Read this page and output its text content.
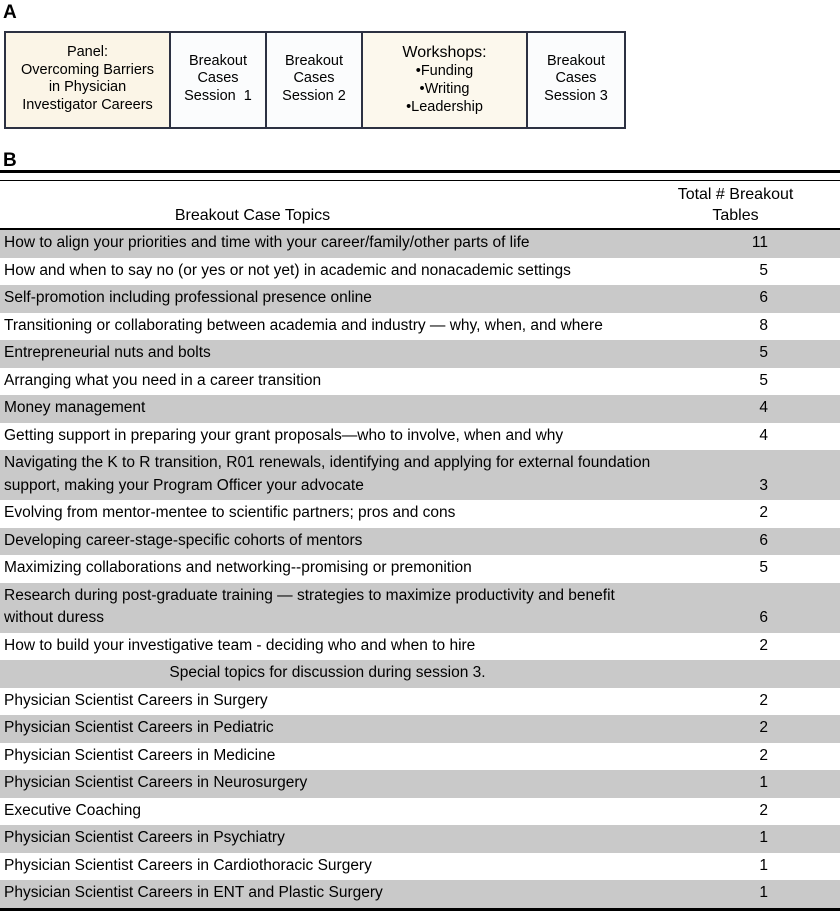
A
Panel:
Overcoming Barriers
in Physician
Investigator Careers
Breakout
Cases
Session  1
Breakout
Cases
Session 2
Workshops:
•Funding
•Writing
•Leadership
Breakout
Cases
Session 3
B

Breakout Case Topics	Total # Breakout
Tables
How to align your priorities and time with your career/family/other parts of life	11
How and when to say no (or yes or not yet) in academic and nonacademic settings	5
Self-promotion including professional presence online	6
Transitioning or collaborating between academia and industry — why, when, and where	8
Entrepreneurial nuts and bolts	5
Arranging what you need in a career transition	5
Money management	4
Getting support in preparing your grant proposals—who to involve, when and why	4
Navigating the K to R transition, R01 renewals, identifying and applying for external foundation support, making your Program Officer your advocate	3
Evolving from mentor-mentee to scientific partners; pros and cons	2
Developing career-stage-specific cohorts of mentors	6
Maximizing collaborations and networking--promising or premonition	5
Research during post-graduate training — strategies to maximize productivity and benefit without duress	6
How to build your investigative team - deciding who and when to hire	2
Special topics for discussion during session 3.	
Physician Scientist Careers in Surgery	2
Physician Scientist Careers in Pediatric	2
Physician Scientist Careers in Medicine	2
Physician Scientist Careers in Neurosurgery	1
Executive Coaching	2
Physician Scientist Careers in Psychiatry	1
Physician Scientist Careers in Cardiothoracic Surgery	1
Physician Scientist Careers in ENT and Plastic Surgery	1
